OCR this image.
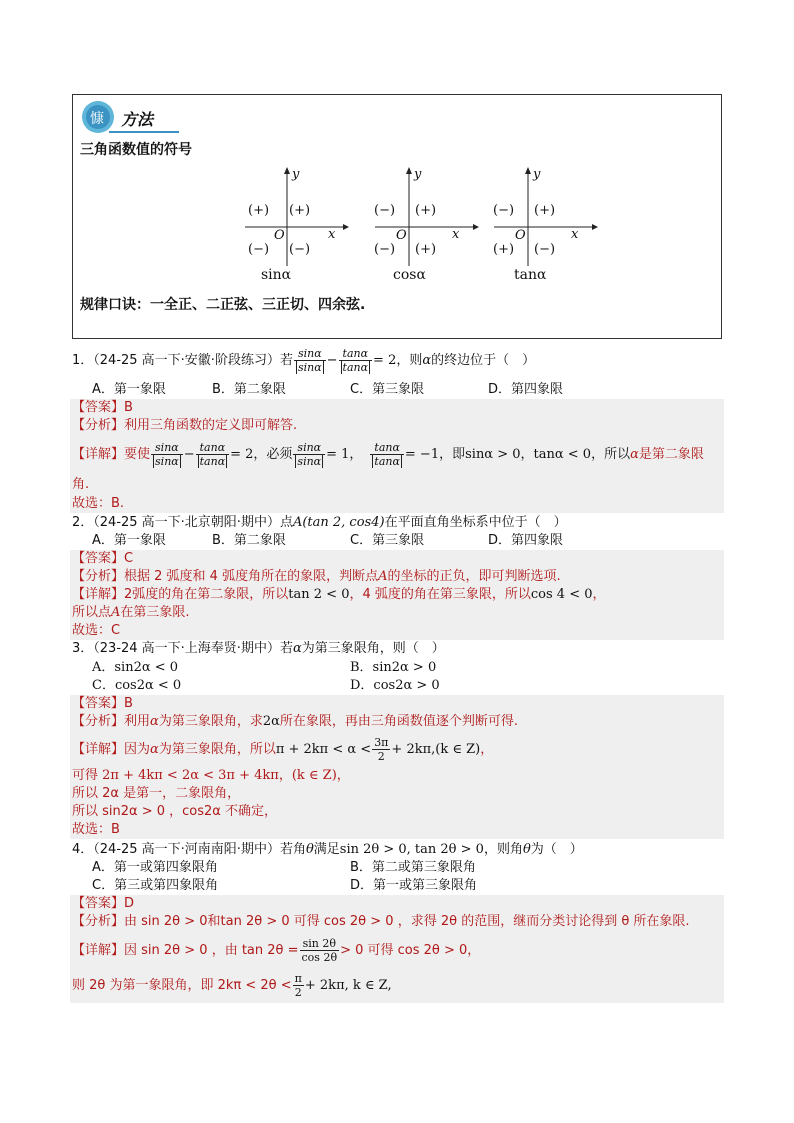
慷 方法
三角函数值的符号
y
(+) (+)
O	x
(−) (−)
sinα
y
(−) (+)
O	x
(−) (+)
cosα
y
(−) (+)
O	x
(+) (−)
tanα
规律口诀：一全正、二正弦、三正切、四余弦.
1．（24-25 高一下·安徽·阶段练习）若 $\frac{\sin\alpha}{\sin\alpha} - \frac{\tan\alpha}{\tan\alpha} = 2$，则α的终边位于（　）
A．第一象限	B．第二象限	C．第三象限	D．第四象限
【答案】B
【分析】利用三角函数的定义即可解答.
【详解】要使 $\frac{\sin\alpha}{\sin\alpha} - \frac{\tan\alpha}{\tan\alpha} = 2$，必须 $\frac{\sin\alpha}{\sin\alpha} = 1$， $\frac{\tan\alpha}{\tan\alpha} = -1$，即sinα > 0，tanα < 0，所以α是第二象限
角.
故选：B.
2．（24-25 高一下·北京朝阳·期中）点A(tan 2, cos4)在平面直角坐标系中位于（　）
A．第一象限	B．第二象限	C．第三象限	D．第四象限
【答案】C
【分析】根据 2 弧度和 4 弧度角所在的象限，判断点A的坐标的正负，即可判断选项.
【详解】2弧度的角在第二象限，所以tan 2 < 0，4 弧度的角在第三象限，所以cos 4 < 0，
所以点A在第三象限.
故选：C
3．（23-24 高一下·上海奉贤·期中）若α为第三象限角，则（　）
A．sin2α < 0	B．sin2α > 0
C．cos2α < 0	D．cos2α > 0
【答案】B
【分析】利用α为第三象限角，求2α所在象限，再由三角函数值逐个判断可得.
【详解】因为α为第三象限角，所以$\pi + 2k\pi < \alpha < \frac{3\pi}{2} + 2k\pi,(k$ ∈ Z)，
可得 2π + 4kπ < 2α < 3π + 4kπ，(k ∈ Z)，
所以 2α 是第一，二象限角，
所以 sin2α > 0 ，cos2α 不确定，
故选：B
4．（24-25 高一下·河南南阳·期中）若角θ满足sin 2θ > 0, tan 2θ > 0，则角θ为（　）
A．第一或第四象限角	B．第二或第三象限角
C．第三或第四象限角	D．第一或第三象限角
【答案】D
【分析】由 sin 2θ > 0和tan 2θ > 0 可得 cos 2θ > 0 ，求得 2θ 的范围，继而分类讨论得到 θ 所在象限.
【详解】因 sin 2θ > 0 ，由 $\tan 2\theta = \frac{\sin 2\theta}{\cos 2\theta} > 0$ 可得 cos 2θ > 0，
则 2θ 为第一象限角，即 $2k\pi < 2\theta < \frac{\pi}{2} + 2k\pi$, k ∈ Z,
